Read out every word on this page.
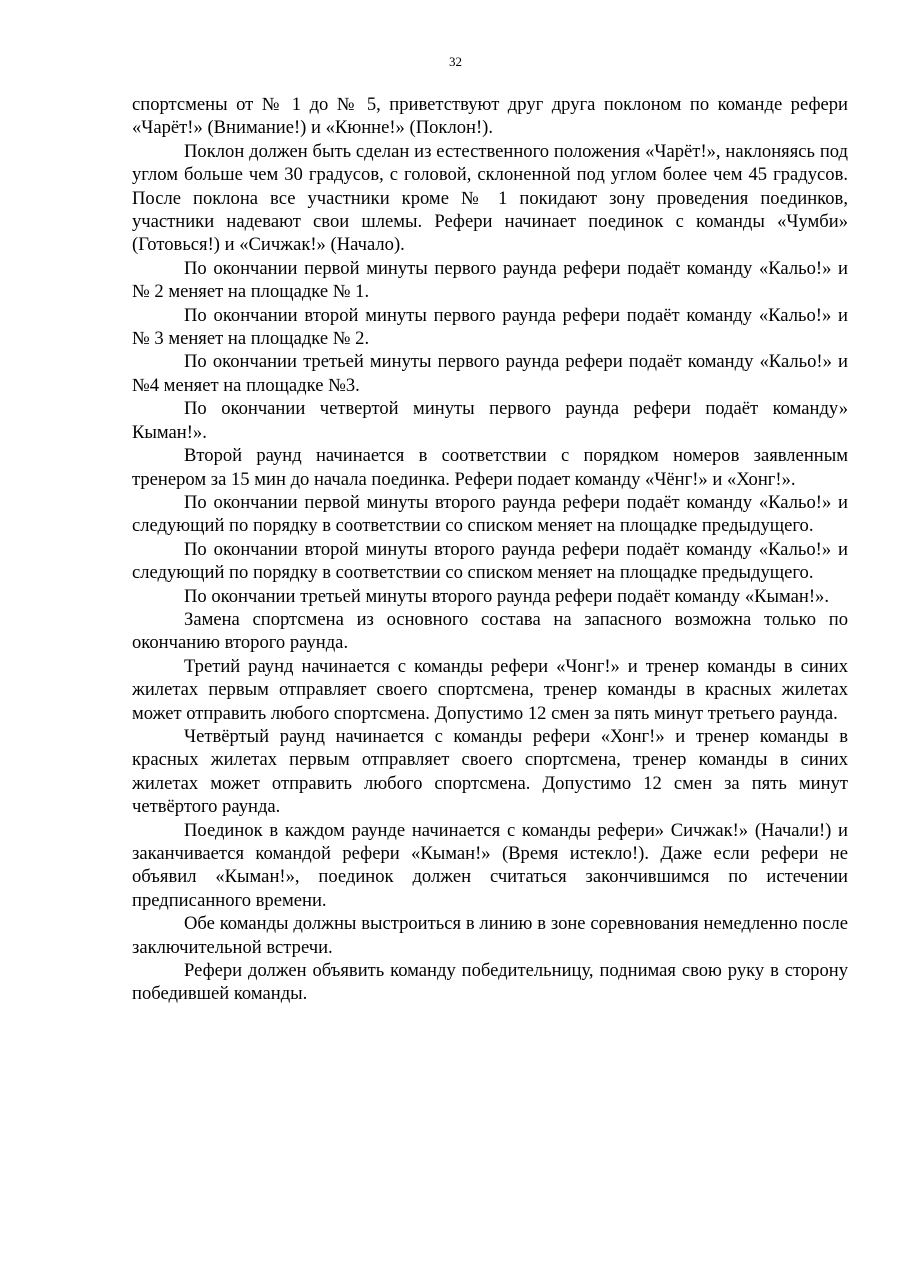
32

спортсмены от № 1 до № 5, приветствуют друг друга поклоном по команде рефери «Чарёт!» (Внимание!) и «Кюнне!» (Поклон!).

Поклон должен быть сделан из естественного положения «Чарёт!», наклоняясь под углом больше чем 30 градусов, с головой, склоненной под углом более чем 45 градусов. После поклона все участники кроме № 1 покидают зону проведения поединков, участники надевают свои шлемы. Рефери начинает поединок с команды «Чумби» (Готовься!) и «Сичжак!» (Начало).

По окончании первой минуты первого раунда рефери подаёт команду «Кальо!» и № 2 меняет на площадке № 1.

По окончании второй минуты первого раунда рефери подаёт команду «Кальо!» и № 3 меняет на площадке № 2.

По окончании третьей минуты первого раунда рефери подаёт команду «Кальо!» и №4 меняет на площадке №3.

По окончании четвертой минуты первого раунда рефери подаёт команду» Кыман!».

Второй раунд начинается в соответствии с порядком номеров заявленным тренером за 15 мин до начала поединка. Рефери подает команду «Чёнг!» и «Хонг!».

По окончании первой минуты второго раунда рефери подаёт команду «Кальо!» и следующий по порядку в соответствии со списком меняет на площадке предыдущего.

По окончании второй минуты второго раунда рефери подаёт команду «Кальо!» и следующий по порядку в соответствии со списком меняет на площадке предыдущего.

По окончании третьей минуты второго раунда рефери подаёт команду «Кыман!».

Замена спортсмена из основного состава на запасного возможна только по окончанию второго раунда.

Третий раунд начинается с команды рефери «Чонг!» и тренер команды в синих жилетах первым отправляет своего спортсмена, тренер команды в красных жилетах может отправить любого спортсмена. Допустимо 12 смен за пять минут третьего раунда.

Четвёртый раунд начинается с команды рефери «Хонг!» и тренер команды в красных жилетах первым отправляет своего спортсмена, тренер команды в синих жилетах может отправить любого спортсмена. Допустимо 12 смен за пять минут четвёртого раунда.

Поединок в каждом раунде начинается с команды рефери» Сичжак!» (Начали!) и заканчивается командой рефери «Кыман!» (Время истекло!). Даже если рефери не объявил «Кыман!», поединок должен считаться закончившимся по истечении предписанного времени.

Обе команды должны выстроиться в линию в зоне соревнования немедленно после заключительной встречи.

Рефери должен объявить команду победительницу, поднимая свою руку в сторону победившей команды.
